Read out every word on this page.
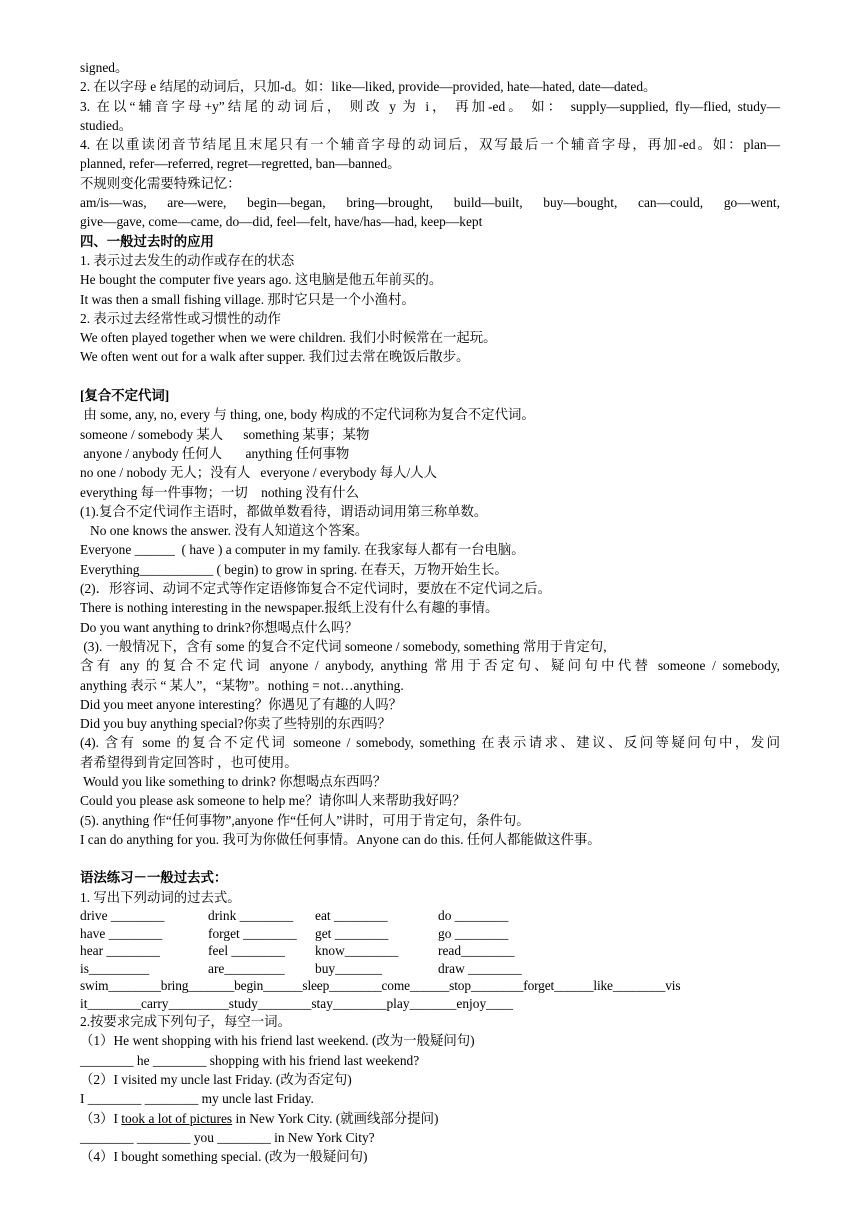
signed。
2. 在以字母 e 结尾的动词后，只加-d。如：like—liked, provide—provided, hate—hated, date—dated。
3. 在以“辅音字母+y”结尾的动词后， 则改 y 为 i， 再加-ed。 如： supply—supplied, fly—flied, study—
studied。
4. 在以重读闭音节结尾且末尾只有一个辅音字母的动词后，双写最后一个辅音字母，再加-ed。如：plan—
planned, refer—referred, regret—regretted, ban—banned。
不规则变化需要特殊记忆：
am/is—was, are—were, begin—began, bring—brought, build—built, buy—bought, can—could, go—went,
give—gave, come—came, do—did, feel—felt, have/has—had, keep—kept
四、一般过去时的应用
1. 表示过去发生的动作或存在的状态
He bought the computer five years ago. 这电脑是他五年前买的。
It was then a small fishing village. 那时它只是一个小渔村。
2. 表示过去经常性或习惯性的动作
We often played together when we were children. 我们小时候常在一起玩。
We often went out for a walk after supper. 我们过去常在晚饭后散步。
[复合不定代词]
由 some, any, no, every 与 thing, one, body 构成的不定代词称为复合不定代词。
someone / somebody 某人      something 某事；某物
anyone / anybody 任何人       anything 任何事物
no one / nobody 无人；没有人   everyone / everybody 每人/人人
everything 每一件事物；一切    nothing 没有什么
(1).复合不定代词作主语时，都做单数看待，谓语动词用第三称单数。
No one knows the answer. 没有人知道这个答案。
Everyone ______  ( have ) a computer in my family. 在我家每人都有一台电脑。
Everything___________ ( begin) to grow in spring. 在春天，万物开始生长。
(2)．形容词、动词不定式等作定语修饰复合不定代词时，要放在不定代词之后。
There is nothing interesting in the newspaper.报纸上没有什么有趣的事情。
Do you want anything to drink?你想喝点什么吗？
(3). 一般情况下，含有 some 的复合不定代词 someone / somebody, something 常用于肯定句,
含有 any 的复合不定代词 anyone / anybody, anything 常用于否定句、疑问句中代替 someone / somebody,
anything 表示 “ 某人”，“某物”。nothing = not…anything.
Did you meet anyone interesting？你遇见了有趣的人吗？
Did you buy anything special?你卖了些特别的东西吗？
(4). 含有 some 的复合不定代词 someone / somebody, something 在表示请求、建议、反问等疑问句中，发问
者希望得到肯定回答时 ，也可使用。
Would you like something to drink? 你想喝点东西吗？
Could you please ask someone to help me？请你叫人来帮助我好吗？
(5). anything 作“任何事物”,anyone 作“任何人”讲时，可用于肯定句，条件句。
I can do anything for you. 我可为你做任何事情。Anyone can do this. 任何人都能做这件事。
语法练习－一般过去式：
1. 写出下列动词的过去式。
drive ________	drink ________ eat ________	do ________
have ________	forget ________ get ________	go ________
hear ________	feel ________ know________	read________
is_________	are_________ buy_______	draw ________
swim________bring_______begin______sleep________come______stop________forget______like________vis
it________carry_________study________stay________play_______enjoy____
2.按要求完成下列句子，每空一词。
（1）He went shopping with his friend last weekend. (改为一般疑问句)
________ he ________ shopping with his friend last weekend?
（2）I visited my uncle last Friday. (改为否定句)
I ________ ________ my uncle last Friday.
（3）I took a lot of pictures in New York City. (就画线部分提问)
________ ________ you ________ in New York City?
（4）I bought something special. (改为一般疑问句)
